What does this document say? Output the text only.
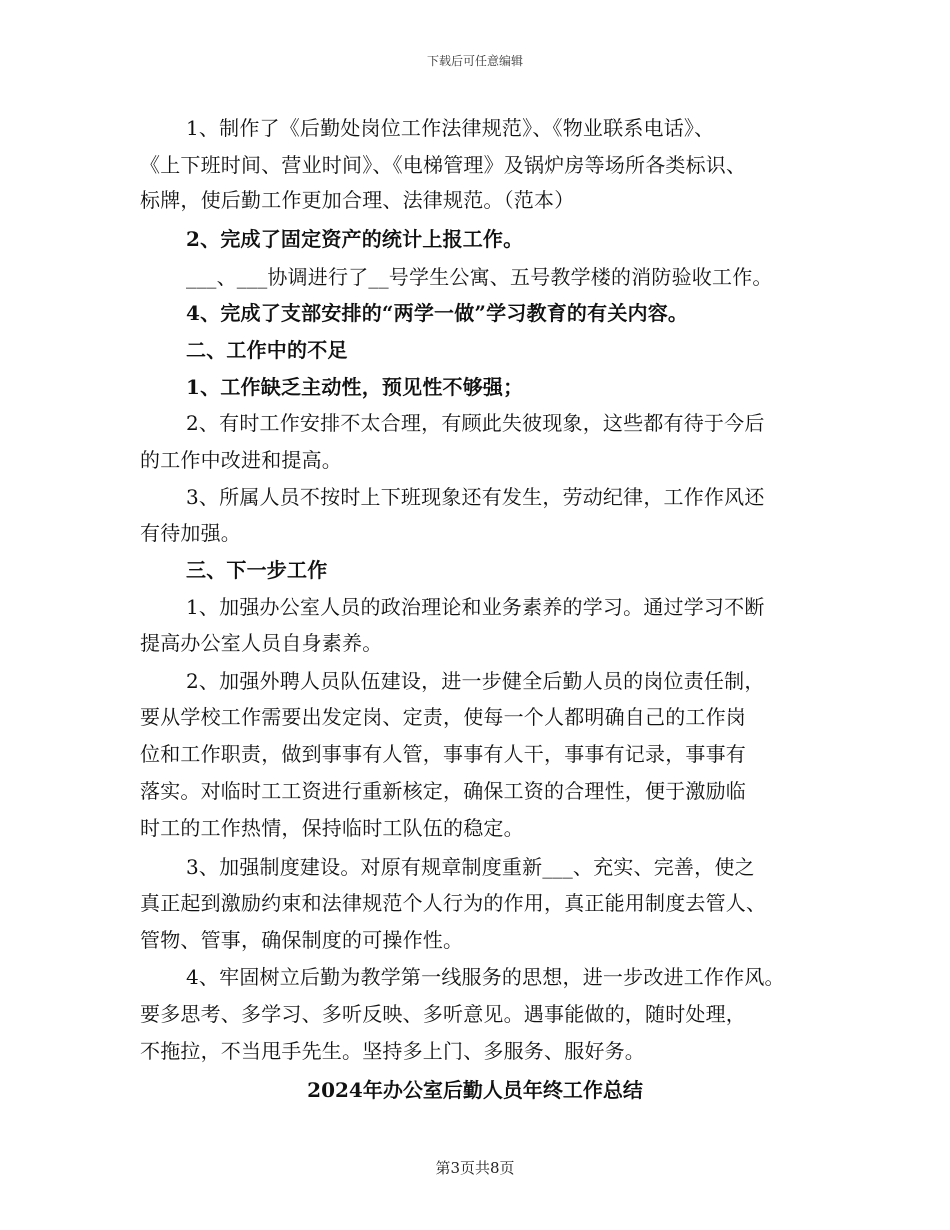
下载后可任意编辑
1、制作了《后勤处岗位工作法律规范》、《物业联系电话》、
《上下班时间、营业时间》、《电梯管理》及锅炉房等场所各类标识、
标牌，使后勤工作更加合理、法律规范。（范本）
2、完成了固定资产的统计上报工作。
___、___协调进行了__号学生公寓、五号教学楼的消防验收工作。
4、完成了支部安排的“两学一做”学习教育的有关内容。
二、工作中的不足
1、工作缺乏主动性，预见性不够强；
2、有时工作安排不太合理，有顾此失彼现象，这些都有待于今后
的工作中改进和提高。
3、所属人员不按时上下班现象还有发生，劳动纪律，工作作风还
有待加强。
三、下一步工作
1、加强办公室人员的政治理论和业务素养的学习。通过学习不断
提高办公室人员自身素养。
2、加强外聘人员队伍建设，进一步健全后勤人员的岗位责任制，
要从学校工作需要出发定岗、定责，使每一个人都明确自己的工作岗
位和工作职责，做到事事有人管，事事有人干，事事有记录，事事有
落实。对临时工工资进行重新核定，确保工资的合理性，便于激励临
时工的工作热情，保持临时工队伍的稳定。
3、加强制度建设。对原有规章制度重新___、充实、完善，使之
真正起到激励约束和法律规范个人行为的作用，真正能用制度去管人、
管物、管事，确保制度的可操作性。
4、牢固树立后勤为教学第一线服务的思想，进一步改进工作作风。
要多思考、多学习、多听反映、多听意见。遇事能做的，随时处理，
不拖拉，不当甩手先生。坚持多上门、多服务、服好务。
2024年办公室后勤人员年终工作总结
第3页共8页
